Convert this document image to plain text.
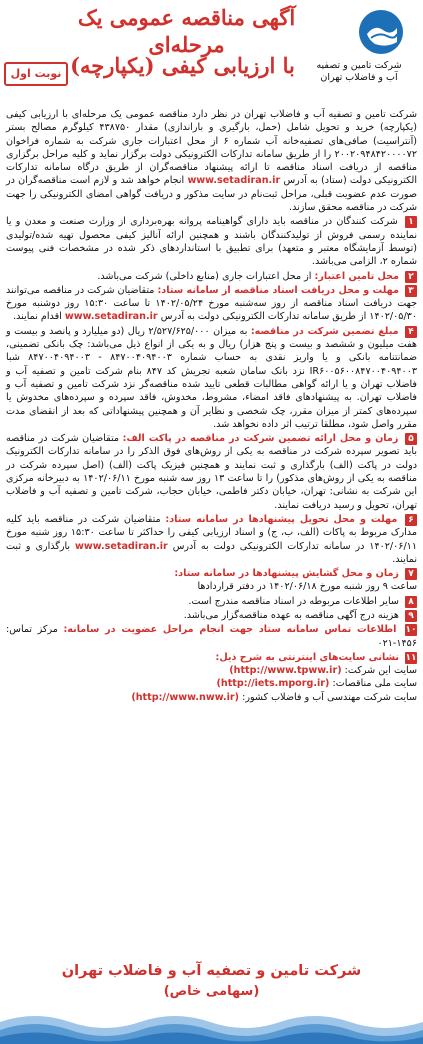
آگهی مناقصه عمومی یک مرحله‌ای
با ارزیابی کیفی (یکپارچه)
نوبت اول
شرکت تامین و تصفیه
آب و فاضلاب تهران

شرکت تامین و تصفیه آب و فاضلاب تهران در نظر دارد مناقصه عمومی یک مرحله‌ای با ارزیابی کیفی (یکپارچه) خرید و تحویل شامل (حمل، بارگیری و باراندازی) مقدار ۴۳۸۷۵۰ کیلوگرم مصالح بستر (آنتراسیت) صافی‌های تصفیه‌خانه آب شماره ۶ از محل اعتبارات جاری شرکت به شماره فراخوان ۲۰۰۲۰۹۴۸۴۲۰۰۰۰۷۲ را از طریق سامانه تدارکات الکترونیکی دولت برگزار نماید و کلیه مراحل برگزاری مناقصه از دریافت اسناد مناقصه تا ارائه پیشنهاد مناقصه‌گران از طریق درگاه سامانه تدارکات الکترونیکی دولت (ستاد) به آدرس www.setadiran.ir انجام خواهد شد و لازم است مناقصه‌گران در صورت عدم عضویت قبلی، مراحل ثبت‌نام در سایت مذکور و دریافت گواهی امضای الکترونیکی را جهت شرکت در مناقصه محقق سازند.

۱ شرکت کنندگان در مناقصه باید دارای گواهینامه پروانه بهره‌برداری از وزارت صنعت و معدن و یا نماینده رسمی فروش از تولیدکنندگان باشند و همچنین ارائه آنالیز کیفی محصول تهیه شده/تولیدی (توسط آزمایشگاه معتبر و متعهد) برای تطبیق با استانداردهای ذکر شده در مشخصات فنی پیوست شماره ۲، الزامی می‌باشد.

۲ محل تامین اعتبار: از محل اعتبارات جاری (منابع داخلی) شرکت می‌باشد.

۳ مهلت و محل دریافت اسناد مناقصه از سامانه ستاد: متقاضیان شرکت در مناقصه می‌توانند جهت دریافت اسناد مناقصه از روز سه‌شنبه مورخ ۱۴۰۲/۰۵/۲۴ تا ساعت ۱۵:۳۰ روز دوشنبه مورخ ۱۴۰۲/۰۵/۳۰ از طریق سامانه تدارکات الکترونیکی دولت به آدرس www.setadiran.ir اقدام نمایند.

۴ مبلغ تضمین شرکت در مناقصه: به میزان ۲/۵۲۷/۶۲۵/۰۰۰ ریال (دو میلیارد و پانصد و بیست و هفت میلیون و ششصد و بیست و پنج هزار) ریال و به یکی از انواع ذیل می‌باشد: چک بانکی تضمینی، ضمانتنامه بانکی و یا واریز نقدی به حساب شماره ۸۴۷۰۰۴۰۹۴۰۰۳ - ۸۴۷۰۰۴۰۹۴۰۰۳ شبا IR۶۰۰۵۶۰۰۸۴۷۰۰۴۰۹۴۰۰۳ نزد بانک سامان شعبه تجریش کد ۸۴۷ بنام شرکت تامین و تصفیه آب و فاضلاب تهران و یا ارائه گواهی مطالبات قطعی تایید شده مناقصه‌گر نزد شرکت تامین و تصفیه آب و فاضلاب تهران. به پیشنهادهای فاقد امضاء، مشروط، مخدوش، فاقد سپرده و سپرده‌های مخدوش یا سپرده‌های کمتر از میزان مقرر، چک شخصی و نظایر آن و همچنین پیشنهاداتی که بعد از انقضای مدت مقرر واصل شود، مطلقا ترتیب اثر داده نخواهد شد.

۵ زمان و محل ارائه تضمین شرکت در مناقصه در پاکت الف: متقاضیان شرکت در مناقصه باید تصویر سپرده شرکت در مناقصه به یکی از روش‌های فوق الذکر را در سامانه تدارکات الکترونیک دولت در پاکت (الف) بارگذاری و ثبت نمایند و همچنین فیزیک پاکت (الف) (اصل سپرده شرکت در مناقصه به یکی از روش‌های مذکور) را تا ساعت ۱۳ روز سه شنبه مورخ ۱۴۰۲/۰۶/۱۱ به دبیرخانه مرکزی این شرکت به نشانی: تهران، خیابان دکتر فاطمی، خیابان حجاب، شرکت تامین و تصفیه آب و فاضلاب تهران، تحویل و رسید دریافت نمایند.

۶ مهلت و محل تحویل پیشنهادها در سامانه ستاد: متقاضیان شرکت در مناقصه باید کلیه مدارک مربوط به پاکات (الف، ب، ج) و اسناد ارزیابی کیفی را حداکثر تا ساعت ۱۵:۳۰ روز شنبه مورخ ۱۴۰۲/۰۶/۱۱ در سامانه تدارکات الکترونیکی دولت به آدرس www.setadiran.ir بارگذاری و ثبت نمایند.

۷ زمان و محل گشایش پیشنهادها در سامانه ستاد:
ساعت ۹ روز شنبه مورخ ۱۴۰۲/۰۶/۱۸ در دفتر قراردادها

۸ سایر اطلاعات مربوطه در اسناد مناقصه مندرج است.

۹ هزینه درج آگهی مناقصه به عهده مناقصه‌گزار می‌باشد.

۱۰ اطلاعات تماس سامانه ستاد جهت انجام مراحل عضویت در سامانه: مرکز تماس: ۱۴۵۶-۰۲۱

۱۱ نشانی سایت‌های اینترنتی به شرح ذیل:
سایت این شرکت: (http://www.tpww.ir)
سایت ملی مناقصات: (http://iets.mporg.ir)
سایت شرکت مهندسی آب و فاضلاب کشور: (http://www.nww.ir)

شرکت تامین و تصفیه آب و فاضلاب تهران
(سهامی خاص)
